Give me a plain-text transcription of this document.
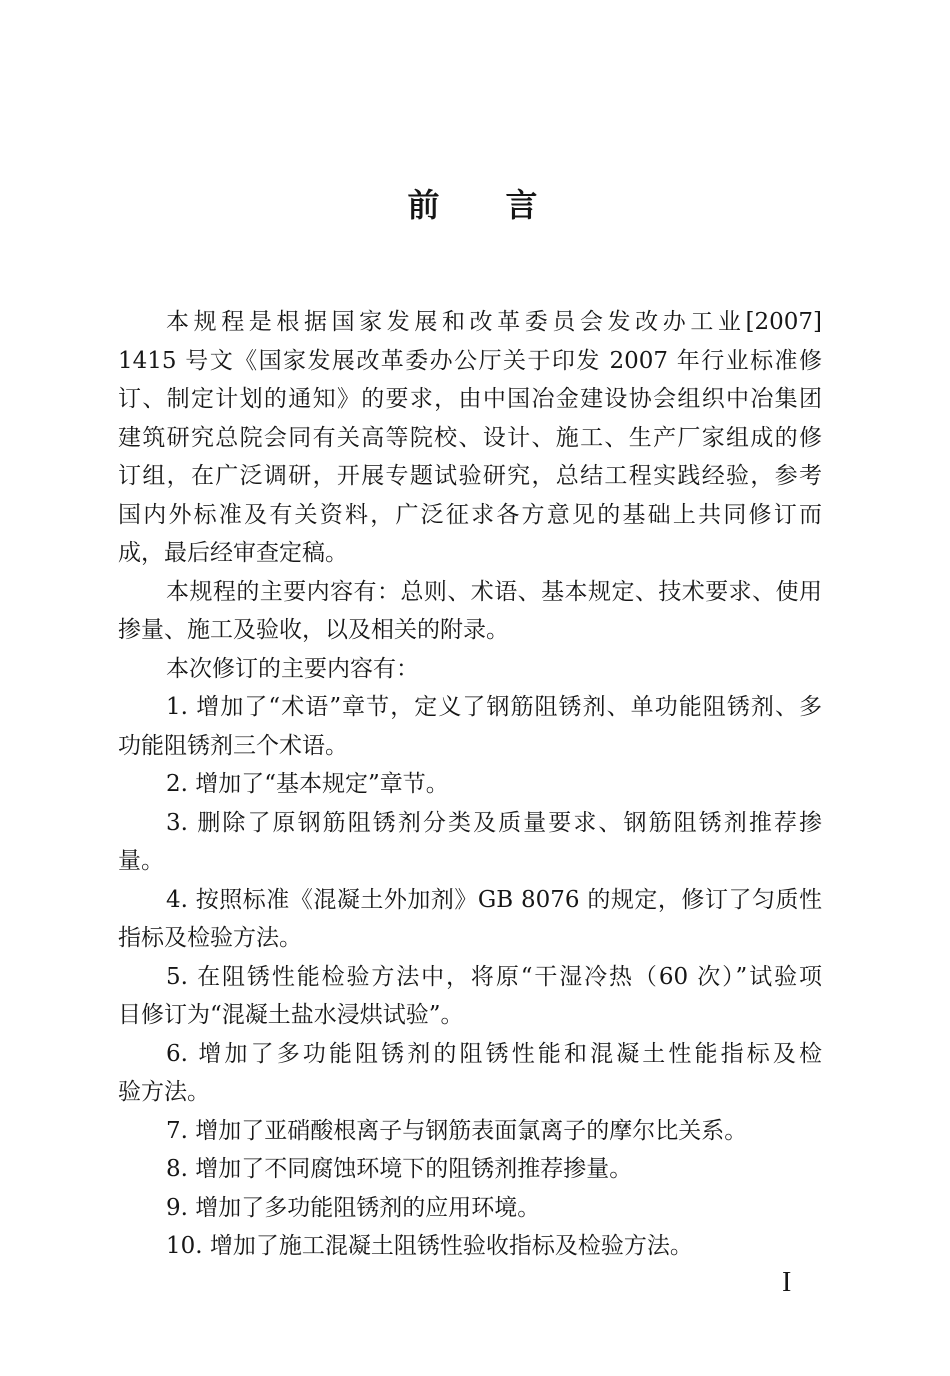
前　言
本规程是根据国家发展和改革委员会发改办工业[2007]
1415 号文《国家发展改革委办公厅关于印发 2007 年行业标准修
订、制定计划的通知》的要求，由中国冶金建设协会组织中冶集团
建筑研究总院会同有关高等院校、设计、施工、生产厂家组成的修
订组，在广泛调研，开展专题试验研究，总结工程实践经验，参考
国内外标准及有关资料，广泛征求各方意见的基础上共同修订而
成，最后经审查定稿。
本规程的主要内容有：总则、术语、基本规定、技术要求、使用
掺量、施工及验收，以及相关的附录。
本次修订的主要内容有：
1. 增加了“术语”章节，定义了钢筋阻锈剂、单功能阻锈剂、多
功能阻锈剂三个术语。
2. 增加了“基本规定”章节。
3. 删除了原钢筋阻锈剂分类及质量要求、钢筋阻锈剂推荐掺
量。
4. 按照标准《混凝土外加剂》GB 8076 的规定，修订了匀质性
指标及检验方法。
5. 在阻锈性能检验方法中，将原“干湿冷热（60 次）”试验项
目修订为“混凝土盐水浸烘试验”。
6. 增加了多功能阻锈剂的阻锈性能和混凝土性能指标及检
验方法。
7. 增加了亚硝酸根离子与钢筋表面氯离子的摩尔比关系。
8. 增加了不同腐蚀环境下的阻锈剂推荐掺量。
9. 增加了多功能阻锈剂的应用环境。
10. 增加了施工混凝土阻锈性验收指标及检验方法。
I
